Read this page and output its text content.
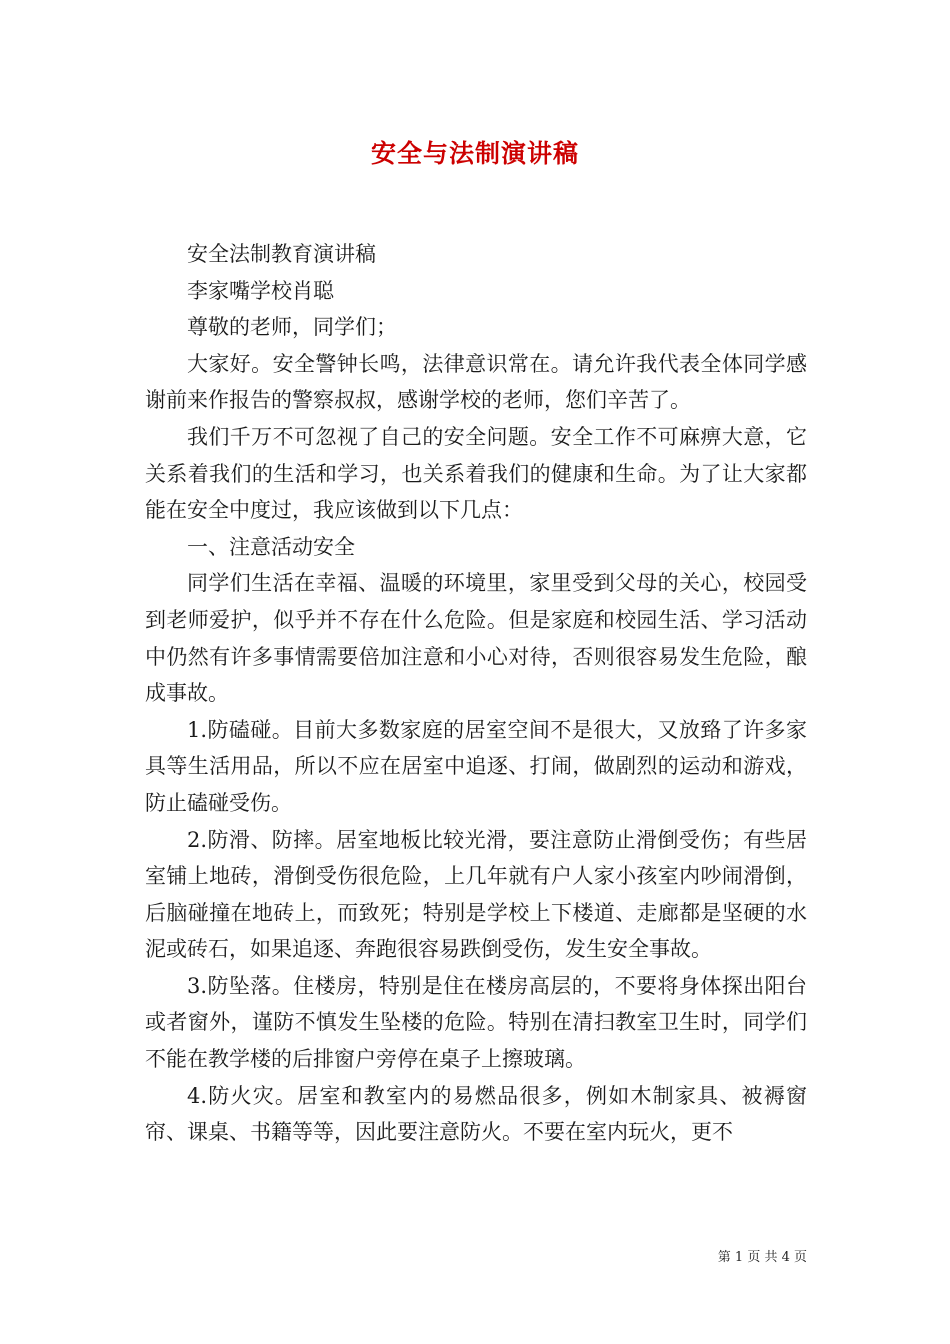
安全与法制演讲稿

安全法制教育演讲稿

李家嘴学校肖聪

尊敬的老师，同学们；

大家好。安全警钟长鸣，法律意识常在。请允许我代表全体同学感谢前来作报告的警察叔叔，感谢学校的老师，您们辛苦了。

我们千万不可忽视了自己的安全问题。安全工作不可麻痹大意，它关系着我们的生活和学习，也关系着我们的健康和生命。为了让大家都能在安全中度过，我应该做到以下几点：

一、注意活动安全

同学们生活在幸福、温暖的环境里，家里受到父母的关心，校园受到老师爱护，似乎并不存在什么危险。但是家庭和校园生活、学习活动中仍然有许多事情需要倍加注意和小心对待，否则很容易发生危险，酿成事故。

1.防磕碰。目前大多数家庭的居室空间不是很大，又放臵了许多家具等生活用品，所以不应在居室中追逐、打闹，做剧烈的运动和游戏，防止磕碰受伤。

2.防滑、防摔。居室地板比较光滑，要注意防止滑倒受伤；有些居室铺上地砖，滑倒受伤很危险，上几年就有户人家小孩室内吵闹滑倒，后脑碰撞在地砖上，而致死；特别是学校上下楼道、走廊都是坚硬的水泥或砖石，如果追逐、奔跑很容易跌倒受伤，发生安全事故。

3.防坠落。住楼房，特别是住在楼房高层的，不要将身体探出阳台或者窗外，谨防不慎发生坠楼的危险。特别在清扫教室卫生时，同学们不能在教学楼的后排窗户旁停在桌子上擦玻璃。

4.防火灾。居室和教室内的易燃品很多，例如木制家具、被褥窗帘、课桌、书籍等等，因此要注意防火。不要在室内玩火，更不

第 1 页 共 4 页
